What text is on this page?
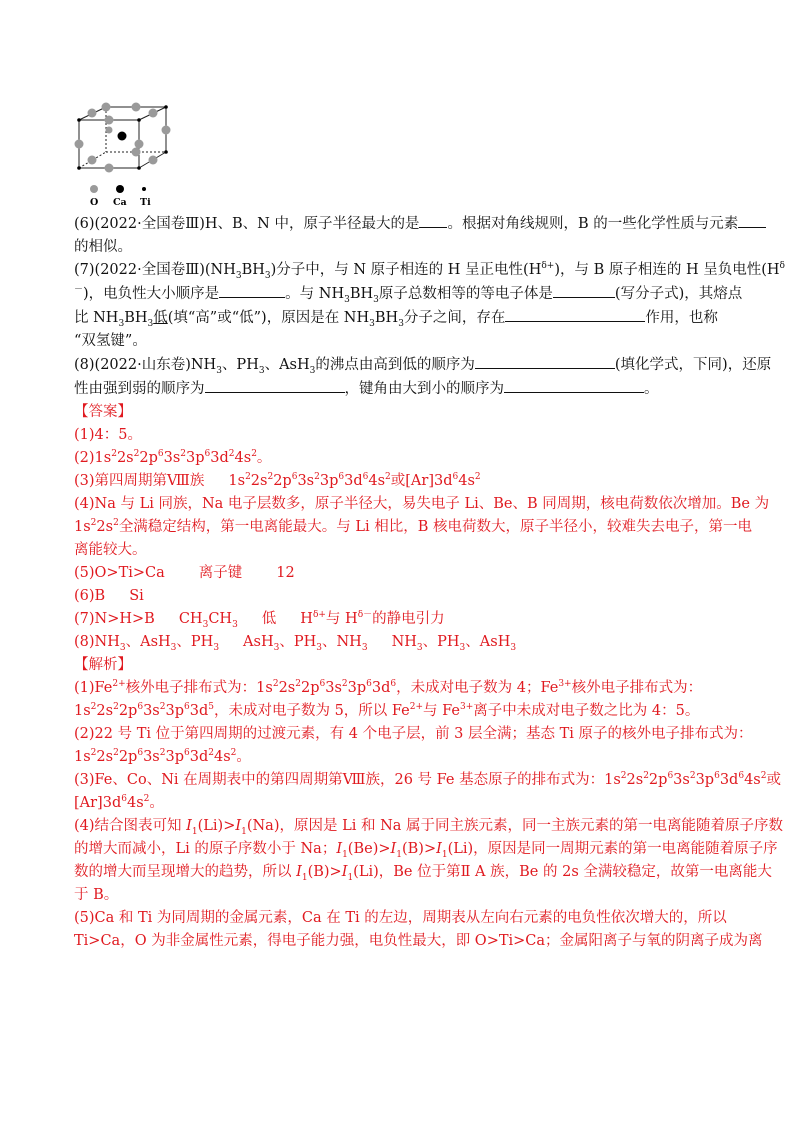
O Ca Ti
(6)(2022·全国卷Ⅲ)H、B、N 中，原子半径最大的是 。根据对角线规则，B 的一些化学性质与元素
的相似。
(7)(2022·全国卷$Ⅲ)(NH_3BH_3)$分子中，与 N 原子相连的 H 呈正电性$(H^{\delta+})$，与 B 原子相连的 H 呈负电性($H^\delta$
－)，电负性大小顺序是	。与 $NH_3BH_3$原子总数相等的等电子体是	(写分子式)，其熔点
比 $NH_3BH_3$低(填“高”或“低”)，原因是在 $NH_3BH_3$分子之间，存在	作用，也称
“双氢键”。
(8)(2022·山东卷)$NH_3$、$PH_3$、AsH$_3$的沸点由高到低的顺序为	(填化学式，下同)，还原
性由强到弱的顺序为	，键角由大到小的顺序为	。
【答案】
(1)4：5。
$(2)1s^22s^22p^63s^23p^63d^24s^2$。
(3)第四周期第Ⅷ族 $1s^22s^22p^63s^23p^63d^64s^2$或$[Ar]3d^64s^2$
(4)Na 与 Li 同族，Na 电子层数多，原子半径大，易失电子 Li、Be、B 同周期，核电荷数依次增加。Be 为
$1s^22s^2$全满稳定结构，第一电离能最大。与 Li 相比，B 核电荷数大，原子半径小，较难失去电子，第一电
离能较大。
(5)O>Ti>Ca 离子键 12
(6)B Si
(7)N>H>B $CH_3CH_3$ 低 $H^{\delta+}$与 $H^{\delta-}$的静电引力
$(8)NH_3$、AsH$_3$、$PH_3$ AsH$_3$、$PH_3$、$NH_3$ $NH_3$、$PH_3$、AsH$_3$
【解析】
$(1)Fe^{2+}$核外电子排布式为：$1s^22s^22p^63s^23p^63d^6$，未成对电子数为 4；$Fe^{3+}$核外电子排布式为：
$1s^22s^22p^63s^23p^63d^5$，未成对电子数为 5，所以 $Fe^{2+}$与 $Fe^{3+}$离子中未成对电子数之比为 4：5。
(2)22 号 Ti 位于第四周期的过渡元素，有 4 个电子层，前 3 层全满；基态 Ti 原子的核外电子排布式为：
$1s^22s^22p^63s^23p^63d^24s^2$。
(3)Fe、Co、Ni 在周期表中的第四周期第Ⅷ族，26 号 Fe 基态原子的排布式为：$1s^22s^22p^63s^23p^63d^64s^2$或
$[Ar]3d^64s^2$。
(4)结合图表可知 $I_1(Li)>I_1(Na)$，原因是 Li 和 Na 属于同主族元素，同一主族元素的第一电离能随着原子序数
的增大而减小，Li 的原子序数小于 Na；$I_1(Be)>I_1(B)>I_1(Li)$，原因是同一周期元素的第一电离能随着原子序
数的增大而呈现增大的趋势，所以 $I_1(B)>I_1(Li)$，Be 位于第Ⅱ A 族，Be 的 2s 全满较稳定，故第一电离能大
于 B。
(5)Ca 和 Ti 为同周期的金属元素，Ca 在 Ti 的左边，周期表从左向右元素的电负性依次增大的，所以
Ti>Ca，O 为非金属性元素，得电子能力强，电负性最大，即 O>Ti>Ca；金属阳离子与氧的阴离子成为离
